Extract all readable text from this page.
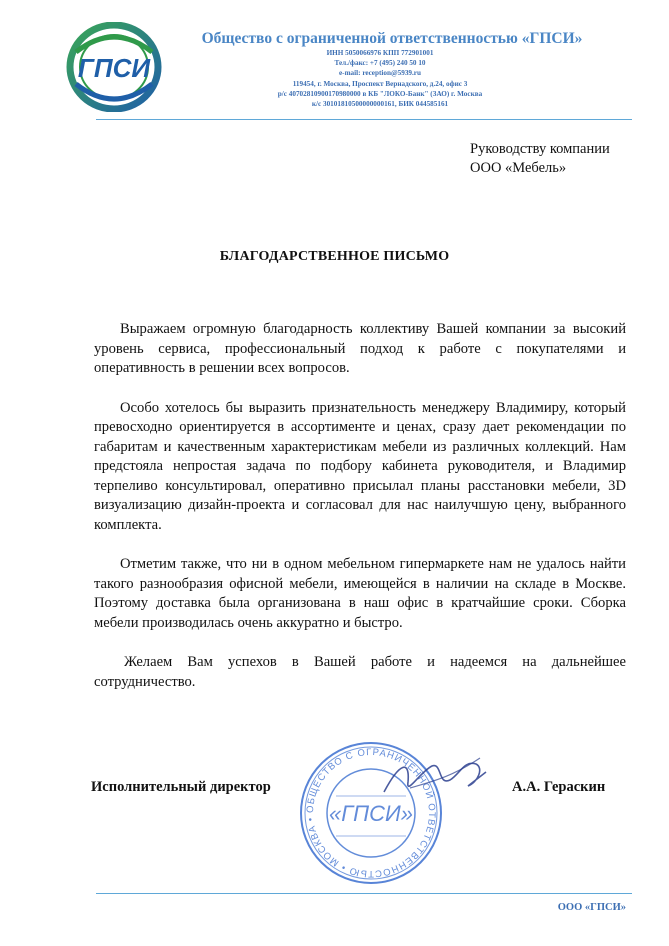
ГПСИ
Общество с ограниченной ответственностью «ГПСИ»
ИНН 5050066976 КПП 772901001
Тел./факс: +7 (495) 240 50 10
e-mail: reception@5939.ru
119454, г. Москва, Проспект Вернадского, д.24, офис 3
р/с 40702810900170980000 в КБ "ЛОКО-Банк" (ЗАО) г. Москва
к/с 30101810500000000161, БИК 044585161
Руководству компании
ООО «Мебель»
БЛАГОДАРСТВЕННОЕ ПИСЬМО

Выражаем огромную благодарность коллективу Вашей компании за высокий уровень сервиса, профессиональный подход к работе с покупателями и оперативность в решении всех вопросов.

Особо хотелось бы выразить признательность менеджеру Владимиру, который превосходно ориентируется в ассортименте и ценах, сразу дает рекомендации по габаритам и качественным характеристикам мебели из различных коллекций. Нам предстояла непростая задача по подбору кабинета руководителя, и Владимир терпеливо консультировал, оперативно присылал планы расстановки мебели, 3D визуализацию дизайн-проекта и согласовал для нас наилучшую цену, выбранного комплекта.

Отметим также, что ни в одном мебельном гипермаркете нам не удалось найти такого разнообразия офисной мебели, имеющейся в наличии на складе в Москве. Поэтому доставка была организована в наш офис в кратчайшие сроки. Сборка мебели производилась очень аккуратно и быстро.

Желаем Вам успехов в Вашей работе и надеемся на дальнейшее сотрудничество.

ОБЩЕСТВО С ОГРАНИЧЕННОЙ ОТВЕТСТВЕННОСТЬЮ • МОСКВА • «ГПСИ»
Исполнительный директор	А.А. Гераскин
ООО «ГПСИ»
